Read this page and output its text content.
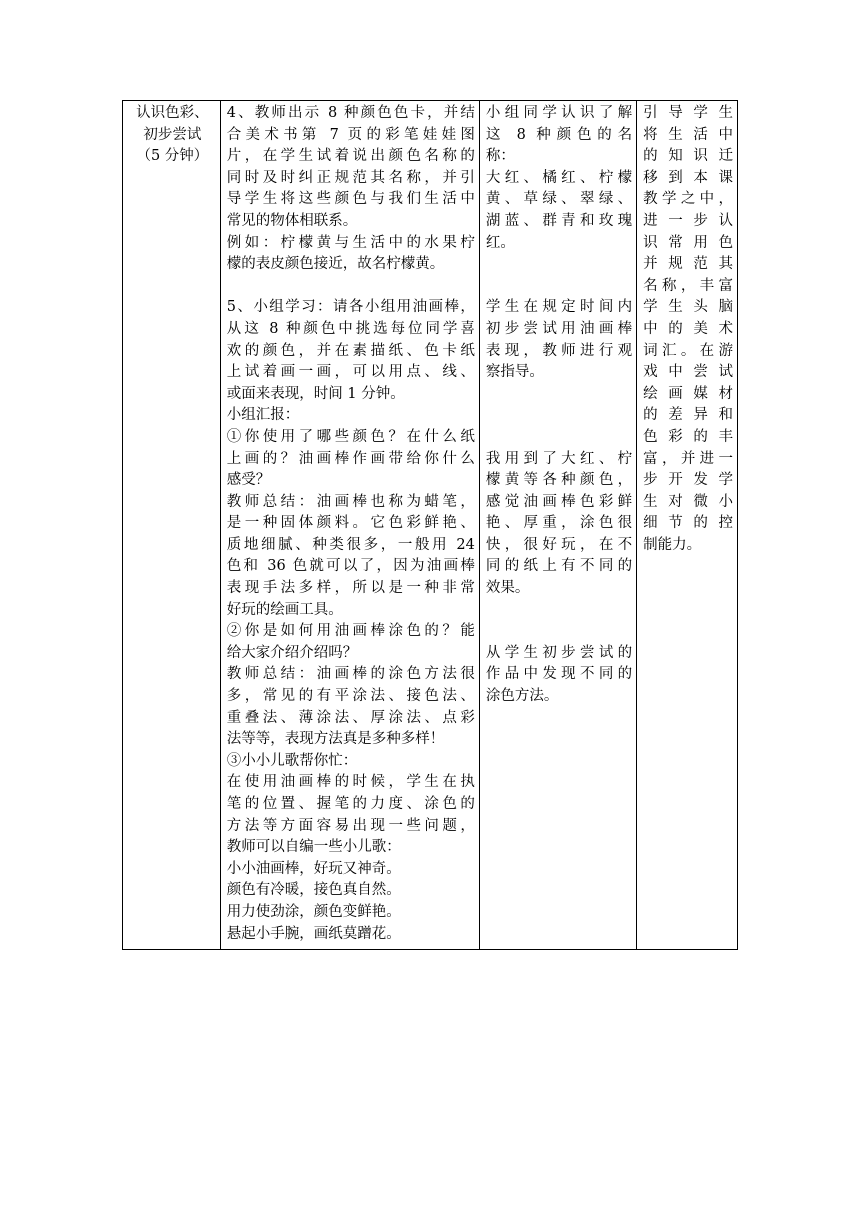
认识色彩、
初步尝试
（5 分钟）

4、教师出示 8 种颜色色卡，并结
合美术书第 7 页的彩笔娃娃图
片，在学生试着说出颜色名称的
同时及时纠正规范其名称，并引
导学生将这些颜色与我们生活中
常见的物体相联系。
例如：柠檬黄与生活中的水果柠
檬的表皮颜色接近，故名柠檬黄。
5、小组学习：请各小组用油画棒，
从这 8 种颜色中挑选每位同学喜
欢的颜色，并在素描纸、色卡纸
上试着画一画，可以用点、线、
或面来表现，时间 1 分钟。
小组汇报：
①你使用了哪些颜色？在什么纸
上画的？油画棒作画带给你什么
感受？
教师总结：油画棒也称为蜡笔，
是一种固体颜料。它色彩鲜艳、
质地细腻、种类很多，一般用 24
色和 36 色就可以了，因为油画棒
表现手法多样，所以是一种非常
好玩的绘画工具。
②你是如何用油画棒涂色的？能
给大家介绍介绍吗？
教师总结：油画棒的涂色方法很
多，常见的有平涂法、接色法、
重叠法、薄涂法、厚涂法、点彩
法等等，表现方法真是多种多样！
③小小儿歌帮你忙：
在使用油画棒的时候，学生在执
笔的位置、握笔的力度、涂色的
方法等方面容易出现一些问题，
教师可以自编一些小儿歌：
小小油画棒，好玩又神奇。
颜色有冷暖，接色真自然。
用力使劲涂，颜色变鲜艳。
悬起小手腕，画纸莫蹭花。

小组同学认识了解
这 8 种颜色的名
称：
大红、橘红、柠檬
黄、草绿、翠绿、
湖蓝、群青和玫瑰
红。
学生在规定时间内
初步尝试用油画棒
表现，教师进行观
察指导。
我用到了大红、柠
檬黄等各种颜色，
感觉油画棒色彩鲜
艳、厚重，涂色很
快，很好玩，在不
同的纸上有不同的
效果。
从学生初步尝试的
作品中发现不同的
涂色方法。

引导学生
将生活中
的知识迁
移到本课
教学之中，
进一步认
识常用色
并规范其
名称，丰富
学生头脑
中的美术
词汇。在游
戏中尝试
绘画媒材
的差异和
色彩的丰
富，并进一
步开发学
生对微小
细节的控
制能力。
